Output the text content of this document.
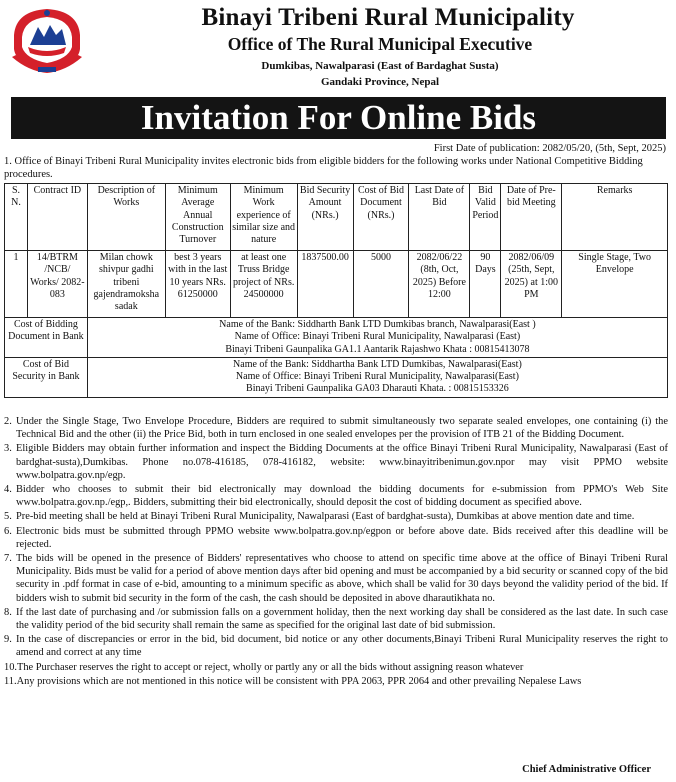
Binayi Tribeni Rural Municipality
Office of The Rural Municipal Executive
Dumkibas, Nawalparasi (East of Bardaghat Susta)
Gandaki Province, Nepal
Invitation For Online Bids
First Date of publication: 2082/05/20, (5th, Sept, 2025)
1. Office of Binayi Tribeni Rural Municipality invites electronic bids from eligible bidders for the following works under National Competitive Bidding procedures.
S. N.	Contract ID	Description of Works	Minimum Average Annual Construction Turnover	Minimum Work experience of similar size and nature	Bid Security Amount (NRs.)	Cost of Bid Document (NRs.)	Last Date of Bid	Bid Valid Period	Date of Pre-bid Meeting	Remarks
1	14/BTRM /NCB/ Works/ 2082-083	Milan chowk shivpur gadhi tribeni gajendramoksha sadak	best 3 years with in the last 10 years NRs. 61250000	at least one Truss Bridge project of NRs. 24500000	1837500.00	5000	2082/06/22 (8th, Oct, 2025) Before 12:00	90 Days	2082/06/09 (25th, Sept, 2025) at 1:00 PM	Single Stage, Two Envelope
Cost of Bidding Document in Bank		Name of the Bank: Siddharth Bank LTD Dumkibas branch, Nawalparasi(East )
Name of Office: Binayi Tribeni Rural Municipality, Nawalparasi (East)
Binayi Tribeni Gaunpalika GA1.1 Aantarik Rajashwo Khata : 00815413078								

Cost of Bid Security in Bank		Name of the Bank: Siddhartha Bank LTD Dumkibas, Nawalparasi(East)
Name of Office: Binayi Tribeni Rural Municipality, Nawalparasi(East)
Binayi Tribeni Gaunpalika GA03 Dharauti Khata. : 00815153326								
2. Under the Single Stage, Two Envelope Procedure, Bidders are required to submit simultaneously two separate sealed envelopes, one containing (i) the Technical Bid and the other (ii) the Price Bid, both in turn enclosed in one sealed envelopes per the provision of ITB 21 of the Bidding Document.
3. Eligible Bidders may obtain further information and inspect the Bidding Documents at the office Binayi Tribeni Rural Municipality, Nawalparasi (East of bardghat-susta),Dumkibas. Phone no.078-416185, 078-416182, website: www.binayitribenimun.gov.npor may visit PPMO website www.bolpatra.gov.np/egp.
4. Bidder who chooses to submit their bid electronically may download the bidding documents for e-submission from PPMO's Web Site www.bolpatra.gov.np./egp,. Bidders, submitting their bid electronically, should deposit the cost of bidding document as specified above.
5. Pre-bid meeting shall be held at Binayi Tribeni Rural Municipality, Nawalparasi (East of bardghat-susta), Dumkibas at above mention date and time.
6. Electronic bids must be submitted through PPMO website www.bolpatra.gov.np/egpon or before above date. Bids received after this deadline will be rejected.
7. The bids will be opened in the presence of Bidders' representatives who choose to attend on specific time above at the office of Binayi Tribeni Rural Municipality. Bids must be valid for a period of above mention days after bid opening and must be accompanied by a bid security or scanned copy of the bid security in .pdf format in case of e-bid, amounting to a minimum specific as above, which shall be valid for 30 days beyond the validity period of the bid. If bidders wish to submit bid security in the form of the cash, the cash should be deposited in above dharautikhata no.
8. If the last date of purchasing and /or submission falls on a government holiday, then the next working day shall be considered as the last date. In such case the validity period of the bid security shall remain the same as specified for the original last date of bid submission.
9. In the case of discrepancies or error in the bid, bid document, bid notice or any other documents,Binayi Tribeni Rural Municipality reserves the right to amend and correct at any time
10. The Purchaser reserves the right to accept or reject, wholly or partly any or all the bids without assigning reason whatever
11. Any provisions which are not mentioned in this notice will be consistent with PPA 2063, PPR 2064 and other prevailing Nepalese Laws
Chief Administrative Officer
